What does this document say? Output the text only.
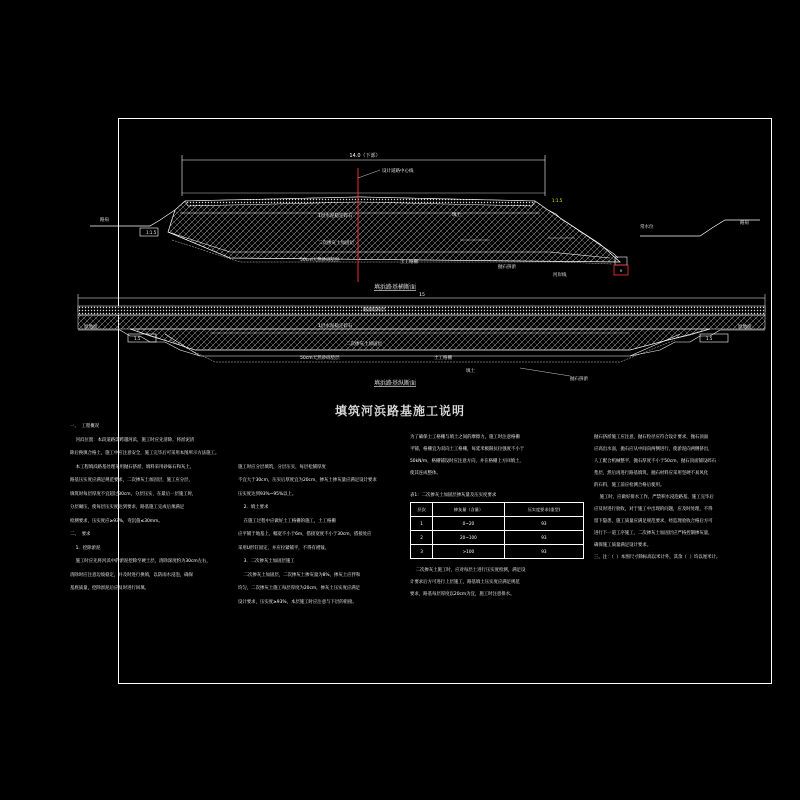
14.0（下部）
×
设计道路中心线
1层水泥稳定碎石
二次掺灰土加固层
50cm天然砂砾垫层	土工格栅
填土
抛石挤淤
河岸线
常水位
路肩
路肩
1:1.5
1:1.5
填浜路基横断面
15
1.5	1.5
路面结构层
1层水泥稳定碎石
二次掺灰土加固层
50cm天然砂砾垫层	土工格栅
填土
抛石挤淤
原地面	原地面
填浜路基纵断面
填筑河浜路基施工说明
一、  工程概况
河浜位置：本段道路需跨越河浜，施工时应先清除，将淤泥清
除后换填合格土，施工中应注意安全，施工完毕后可采用本图所示方法施工。
本工程填浜路基处理采用抛石挤淤，填料采用砂砾石和灰土，
路基压实度应满足规范要求，二次掺灰土加固层，施工应分层，
填筑时每层厚度不宜超过30cm，分层压实，在最后一层施工时，
分层碾压，使每层压实度达到要求，路基施工完成后须满足
检测要求，压实度应≥93%，弯沉值≤30mm。
二、  要求
1．挖除淤泥
施工时应先将河浜中的淤泥挖除至硬土层，清除深度约为30cm左右，
清除时应注意边坡稳定，并及时进行换填，以防雨水浸泡，确保
基底质量，挖除淤泥后应及时进行回填。

施工时应分层填筑，分层压实，每层松铺厚度
不宜大于30cm，压实后厚度宜为20cm，掺灰土掺灰量应满足设计要求
压实度达到93%~95%以上。
2．填土要求
在施工过程中应做好土工格栅的施工，土工格栅
应平铺于地基上，幅宽不小于6m，搭接宽度不小于30cm，搭接处应
采用U形钉固定，并应拉紧铺平，不得有褶皱。
3．二次掺灰土加固层施工
二次掺灰土加固层，二次掺灰土掺灰量为8%，掺灰土应拌和
均匀，二次掺灰土施工每层厚度为20cm，掺灰土压实度应满足
设计要求，压实度≥93%，本层施工时应注意与下层的衔接。
为了确保土工格栅与填土之间的摩擦力，施工时注意格栅
平铺，格栅宜为双向土工格栅，每延米极限抗拉强度不小于
50kN/m，格栅铺设时应注意方向，并在格栅上方回填土，
使其连成整体。
表1：二次掺灰土加固层掺灰量及压实度要求
层次	掺灰量（含量）	压实度要求(重型)
1	0~20	93
2	20~100	93
3	>100	93
二次掺灰土施工时，应对每层土进行压实度检测，满足设
计要求后方可进行上层施工，路基填土压实度应满足规范
要求，路基每层厚度以20cm为宜，施工时注意排水。
抛石挤淤施工应注意，抛石粒径应符合设计要求，抛石顶面
应高出水面，抛石应从中间向两侧进行，使淤泥向两侧挤出，
人工配合机械整平，抛石厚度不小于50cm，抛石顶面铺设碎石
垫层，然后再进行路基填筑，抛石材料应采用坚硬不易风化
的石料，施工前应检测合格后使用。
施工时，应做好排水工作，严禁积水浸泡路基，施工完毕后
应及时进行验收，对于施工中出现的问题，应及时处理，不得
留下隐患，施工质量应满足规范要求，经监理验收合格后方可
进行下一道工序施工，二次掺灰土加固层应严格控制掺灰量，
确保施工质量满足设计要求。
三、注：（  ）本图尺寸除标高以米计外，其余（  ）均以厘米计。
